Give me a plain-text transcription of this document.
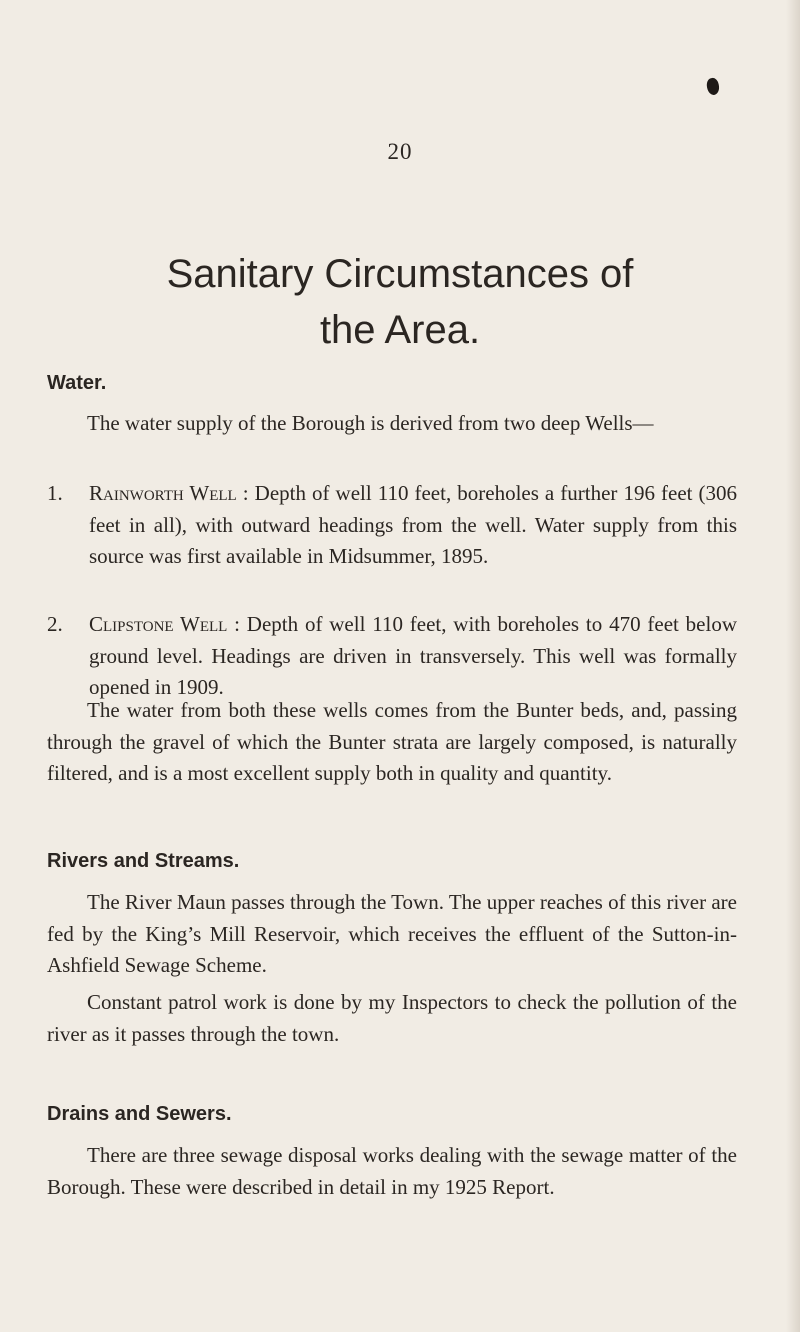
20
Sanitary Circumstances of
the Area.
Water.

The water supply of the Borough is derived from two deep Wells—

1. Rainworth Well : Depth of well 110 feet, boreholes a further 196 feet (306 feet in all), with outward headings from the well. Water supply from this source was first available in Midsummer, 1895.
2. Clipstone Well : Depth of well 110 feet, with boreholes to 470 feet below ground level. Headings are driven in transversely. This well was formally opened in 1909.

The water from both these wells comes from the Bunter beds, and, passing through the gravel of which the Bunter strata are largely composed, is naturally filtered, and is a most excellent supply both in quality and quantity.

Rivers and Streams.

The River Maun passes through the Town. The upper reaches of this river are fed by the King’s Mill Reservoir, which receives the effluent of the Sutton-in-Ashfield Sewage Scheme.

Constant patrol work is done by my Inspectors to check the pollution of the river as it passes through the town.

Drains and Sewers.

There are three sewage disposal works dealing with the sewage matter of the Borough. These were described in detail in my 1925 Report.
